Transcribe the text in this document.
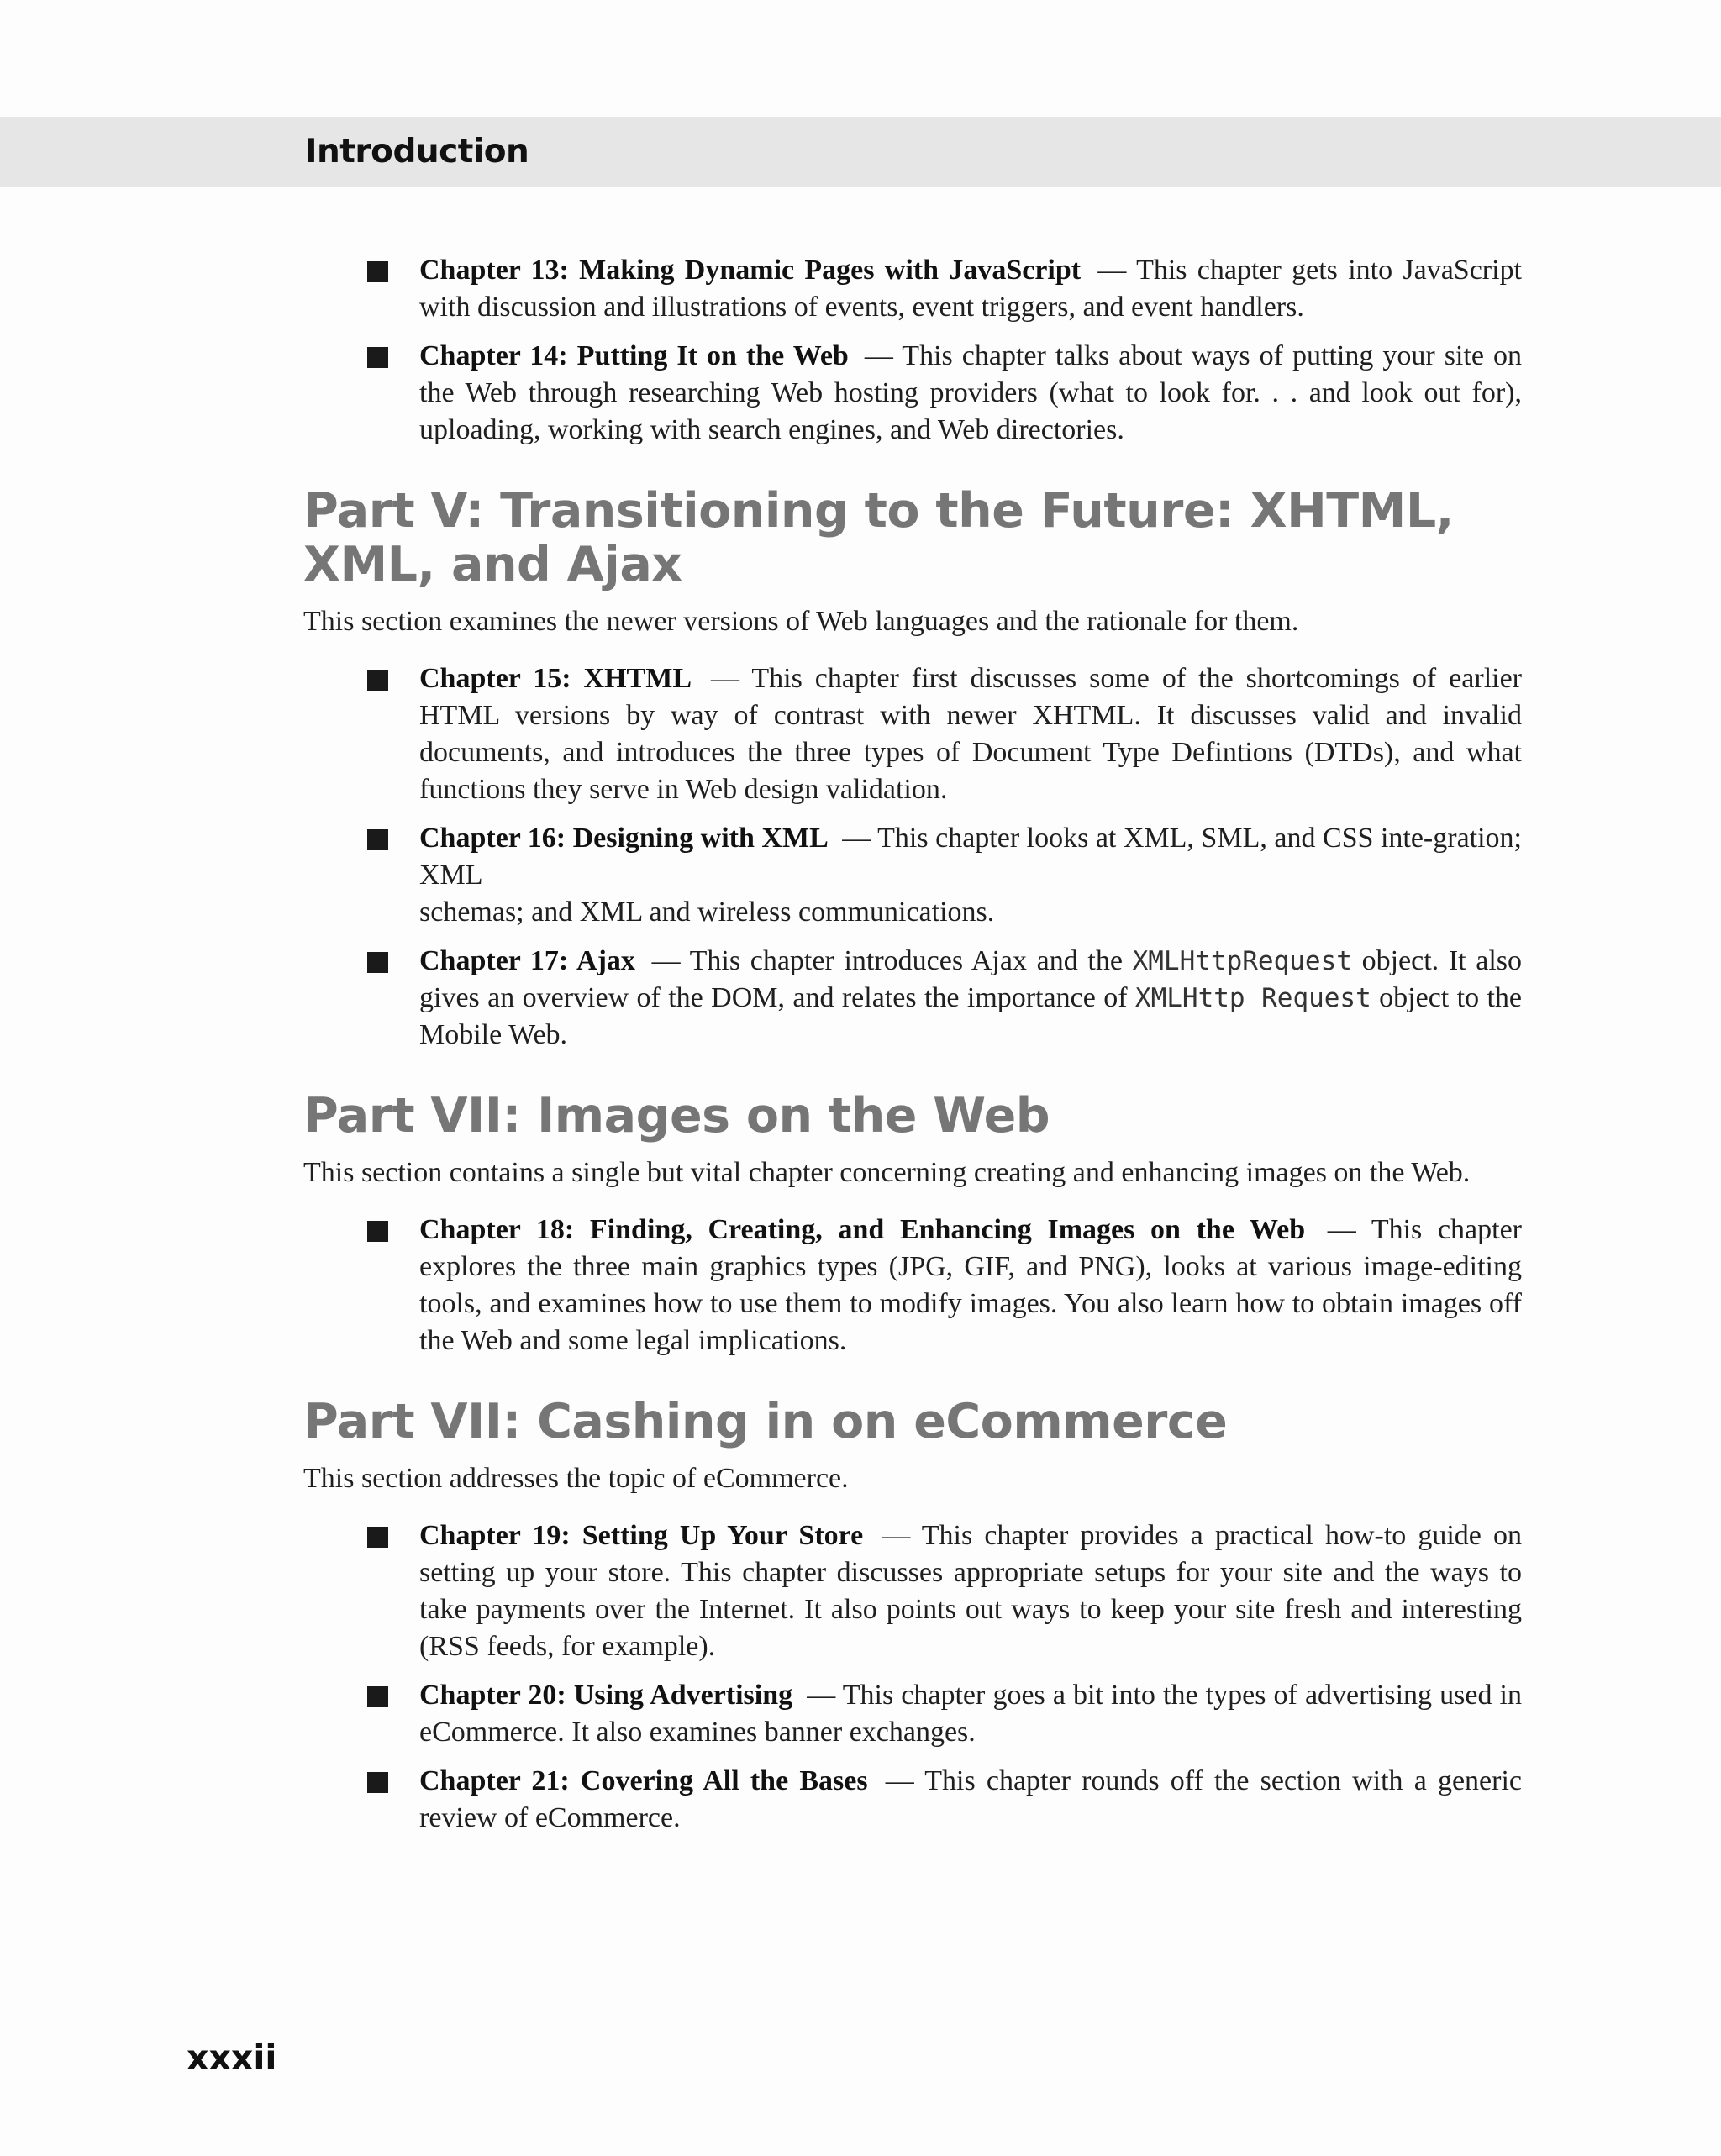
Introduction
Chapter 13: Making Dynamic Pages with JavaScript — This chapter gets into JavaScript with discussion and illustrations of events, event triggers, and event handlers.
Chapter 14: Putting It on the Web — This chapter talks about ways of putting your site on the Web through researching Web hosting providers (what to look for. . . and look out for), uploading, working with search engines, and Web directories.
Part V: Transitioning to the Future: XHTML, XML, and Ajax

This section examines the newer versions of Web languages and the rationale for them.

Chapter 15: XHTML — This chapter first discusses some of the shortcomings of earlier HTML versions by way of contrast with newer XHTML. It discusses valid and invalid documents, and introduces the three types of Document Type Defintions (DTDs), and what functions they serve in Web design validation.
Chapter 16: Designing with XML — This chapter looks at XML, SML, and CSS inte-gration; XML
schemas; and XML and wireless communications.
Chapter 17: Ajax — This chapter introduces Ajax and the XMLHttpRequest object. It also gives an overview of the DOM, and relates the importance of XMLHttp Request object to the Mobile Web.
Part VII: Images on the Web

This section contains a single but vital chapter concerning creating and enhancing images on the Web.

Chapter 18: Finding, Creating, and Enhancing Images on the Web — This chapter explores the three main graphics types (JPG, GIF, and PNG), looks at various image-editing tools, and examines how to use them to modify images. You also learn how to obtain images off the Web and some legal implications.
Part VII: Cashing in on eCommerce

This section addresses the topic of eCommerce.

Chapter 19: Setting Up Your Store — This chapter provides a practical how-to guide on setting up your store. This chapter discusses appropriate setups for your site and the ways to take payments over the Internet. It also points out ways to keep your site fresh and interesting (RSS feeds, for example).
Chapter 20: Using Advertising — This chapter goes a bit into the types of advertising used in eCommerce. It also examines banner exchanges.
Chapter 21: Covering All the Bases — This chapter rounds off the section with a generic review of eCommerce.
xxxii
